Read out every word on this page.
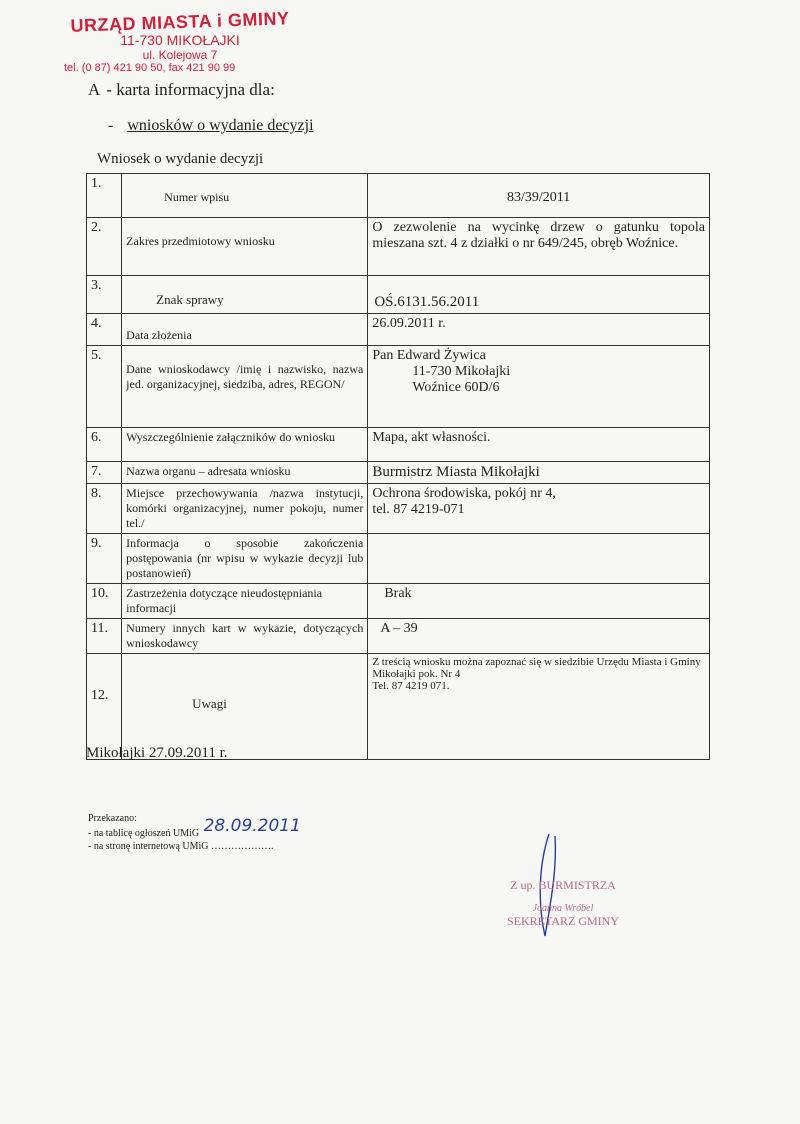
URZĄD MIASTA i GMINY
11-730 MIKOŁAJKI
ul. Kolejowa 7
tel. (0 87) 421 90 50, fax 421 90 99
A - karta informacyjna dla:
- wniosków o wydanie decyzji
Wniosek o wydanie decyzji
1.	Numer wpisu	83/39/2011

2.	Zakres przedmiotowy wniosku	O zezwolenie na wycinkę drzew o gatunku topola mieszana szt. 4 z działki o nr 649/245, obręb Woźnice.

3.	Znak sprawy	OŚ.6131.56.2011

4.	Data złożenia	26.09.2011 r.

5.	Dane wnioskodawcy /imię i nazwisko, nazwa jed. organizacyjnej, siedziba, adres, REGON/	Pan Edward Żywica
11-730 Mikołajki
Woźnice 60D/6

6.	Wyszczególnienie załączników do wniosku	Mapa, akt własności.

7.	Nazwa organu – adresata wniosku	Burmistrz Miasta Mikołajki

8.	Miejsce przechowywania /nazwa instytucji, komórki organizacyjnej, numer pokoju, numer tel./	Ochrona środowiska, pokój nr 4,
tel. 87 4219-071

9.	Informacja o sposobie zakończenia postępowania (nr wpisu w wykazie decyzji lub postanowień)	

10.	Zastrzeżenia dotyczące nieudostępniania informacji	Brak

11.	Numery innych kart w wykazie, dotyczących wnioskodawcy	A – 39

12.	Uwagi	Z treścią wniosku można zapoznać się w siedzibie Urzędu Miasta i Gminy Mikołajki pok. Nr 4
Tel. 87 4219 071.
Mikołajki 27.09.2011 r.
Przekazano:
- na tablicę ogłoszeń UMiG 28.09.2011
- na stronę internetową UMiG ……………….
Z up. BURMISTRZA
Joanna Wróbel
SEKRETARZ GMINY
